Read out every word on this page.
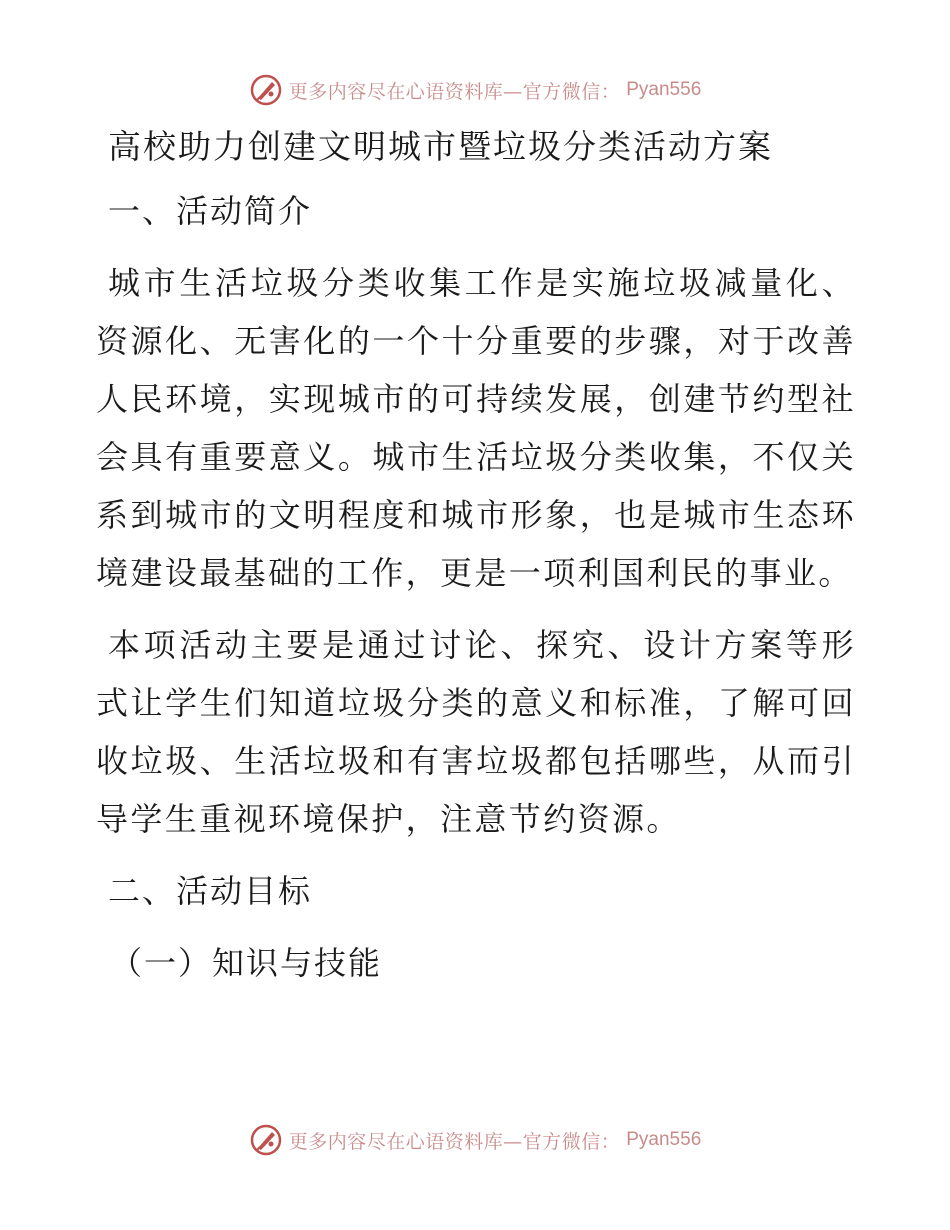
更多内容尽在心语资料库—官方微信： Pyan556
高校助力创建文明城市暨垃圾分类活动方案
一、活动简介

城市生活垃圾分类收集工作是实施垃圾减量化、资源化、无害化的一个十分重要的步骤，对于改善人民环境，实现城市的可持续发展，创建节约型社会具有重要意义。城市生活垃圾分类收集，不仅关系到城市的文明程度和城市形象，也是城市生态环境建设最基础的工作，更是一项利国利民的事业。

本项活动主要是通过讨论、探究、设计方案等形式让学生们知道垃圾分类的意义和标准，了解可回收垃圾、生活垃圾和有害垃圾都包括哪些，从而引导学生重视环境保护，注意节约资源。

二、活动目标
（一）知识与技能
更多内容尽在心语资料库—官方微信： Pyan556
